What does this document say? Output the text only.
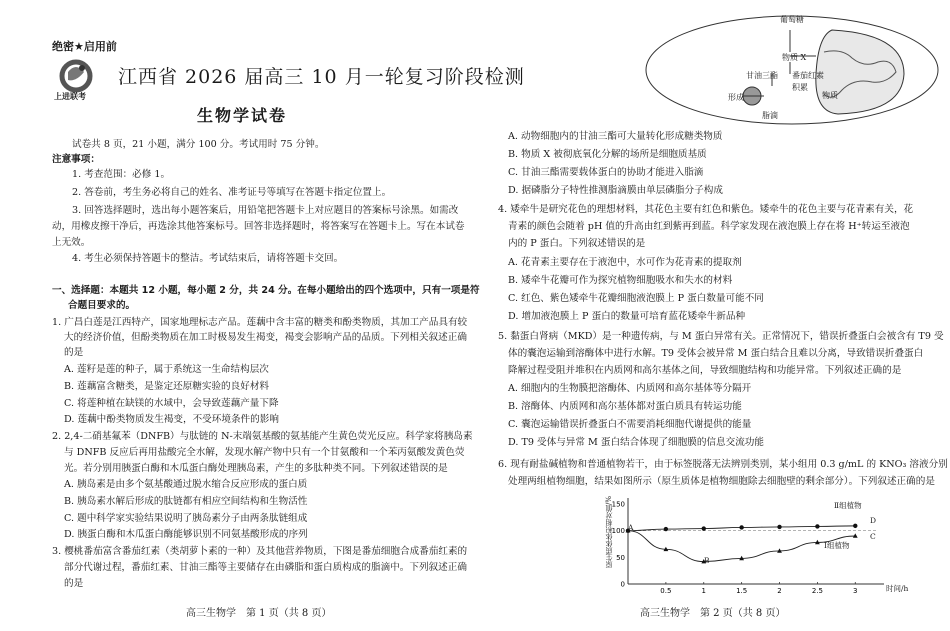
绝密★启用前
上进联考
江西省 2026 届高三 10 月一轮复习阶段检测
生物学试卷
试卷共 8 页，21 小题，满分 100 分。考试用时 75 分钟。
注意事项：
1. 考查范围：必修 1。
2. 答卷前，考生务必将自己的姓名、准考证号等填写在答题卡指定位置上。
3. 回答选择题时，选出每小题答案后，用铅笔把答题卡上对应题目的答案标号涂黑。如需改
动，用橡皮擦干净后，再选涂其他答案标号。回答非选择题时，将答案写在答题卡上。写在本试卷
上无效。
4. 考生必须保持答题卡的整洁。考试结束后，请将答题卡交回。
一、选择题：本题共 12 小题，每小题 2 分，共 24 分。在每小题给出的四个选项中，只有一项是符
合题目要求的。
1. 广昌白莲是江西特产，国家地理标志产品。莲藕中含丰富的糖类和酚类物质，其加工产品具有较
大的经济价值，但酚类物质在加工时极易发生褐变，褐变会影响产品的品质。下列相关叙述正确
的是
A. 莲籽是莲的种子，属于系统这一生命结构层次
B. 莲藕富含糖类，是鉴定还原糖实验的良好材料
C. 将莲种植在缺镁的水域中，会导致莲藕产量下降
D. 莲藕中酚类物质发生褐变，不受环境条件的影响
2. 2,4-二硝基氟苯（DNFB）与肽链的 N-末端氨基酸的氨基能产生黄色荧光反应。科学家将胰岛素
与 DNFB 反应后再用盐酸完全水解，发现水解产物中只有一个甘氨酸和一个苯丙氨酸发黄色荧
光。若分别用胰蛋白酶和木瓜蛋白酶处理胰岛素，产生的多肽种类不同。下列叙述错误的是
A. 胰岛素是由多个氨基酸通过脱水缩合反应形成的蛋白质
B. 胰岛素水解后形成的肽链都有相应空间结构和生物活性
C. 题中科学家实验结果说明了胰岛素分子由两条肽链组成
D. 胰蛋白酶和木瓜蛋白酶能够识别不同氨基酸形成的序列
3. 樱桃番茄富含番茄红素（类胡萝卜素的一种）及其他营养物质，下图是番茄细胞合成番茄红素的
部分代谢过程，番茄红素、甘油三酯等主要储存在由磷脂和蛋白质构成的脂滴中。下列叙述正确
的是
高三生物学　第 1 页（共 8 页）
葡萄糖
物质 X
甘油三酯 番茄红素
积累
形成	物质
脂滴
A. 动物细胞内的甘油三酯可大量转化形成糖类物质
B. 物质 X 被彻底氧化分解的场所是细胞质基质
C. 甘油三酯需要载体蛋白的协助才能进入脂滴
D. 据磷脂分子特性推测脂滴膜由单层磷脂分子构成
4. 矮牵牛是研究花色的理想材料，其花色主要有红色和紫色。矮牵牛的花色主要与花青素有关，花
青素的颜色会随着 pH 值的升高由红到紫再到蓝。科学家发现在液泡膜上存在将 H⁺转运至液泡
内的 P 蛋白。下列叙述错误的是
A. 花青素主要存在于液泡中，水可作为花青素的提取剂
B. 矮牵牛花瓣可作为探究植物细胞吸水和失水的材料
C. 红色、紫色矮牵牛花瓣细胞液泡膜上 P 蛋白数量可能不同
D. 增加液泡膜上 P 蛋白的数量可培育蓝花矮牵牛新品种
5. 黏蛋白肾病（MKD）是一种遗传病，与 M 蛋白异常有关。正常情况下，错误折叠蛋白会被含有 T9 受
体的囊泡运输到溶酶体中进行水解。T9 受体会被异常 M 蛋白结合且难以分离，导致错误折叠蛋白
降解过程受阻并堆积在内质网和高尔基体之间，导致细胞结构和功能异常。下列叙述正确的是
A. 细胞内的生物膜把溶酶体、内质网和高尔基体等分隔开
B. 溶酶体、内质网和高尔基体都对蛋白质具有转运功能
C. 囊泡运输错误折叠蛋白不需要消耗细胞代谢提供的能量
D. T9 受体与异常 M 蛋白结合体现了细胞膜的信息交流功能
6. 现有耐盐碱植物和普通植物若干，由于标签脱落无法辨别类别，某小组用 0.3 g/mL 的 KNO₃ 溶液分别
处理两组植物细胞，结果如图所示（原生质体是植物细胞除去细胞壁的剩余部分）。下列叙述正确的是
0
50
100
150
0.5	1	1.5	2	2.5	3
原生质体体积相对值/%
时间/h
Ⅱ组植物
Ⅰ组植物
A
B
C
D
高三生物学　第 2 页（共 8 页）
